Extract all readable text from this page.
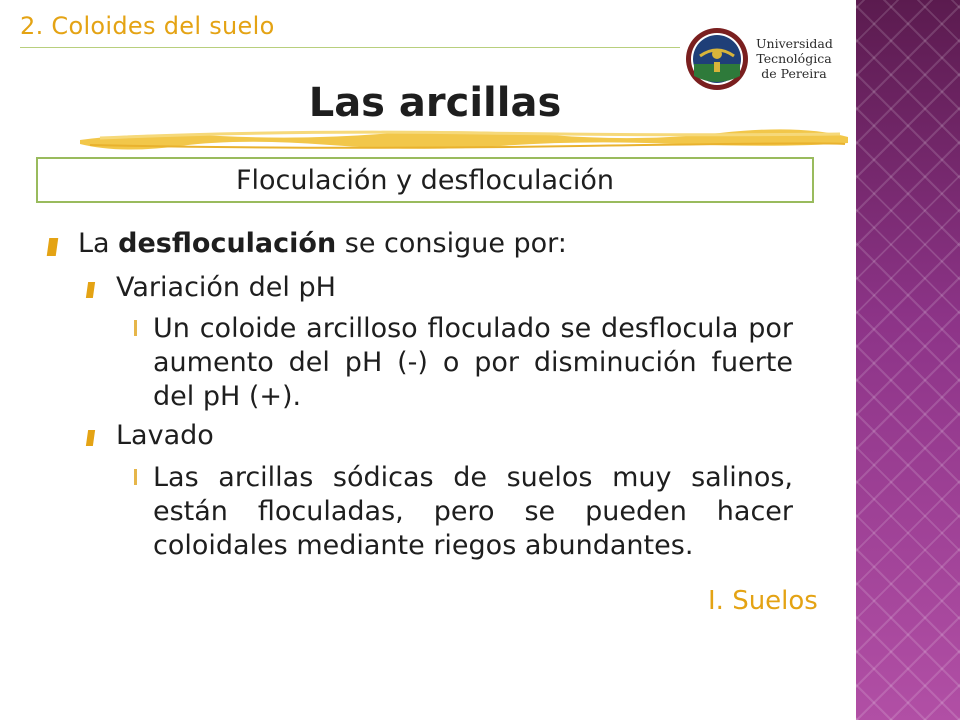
2. Coloides del suelo
Universidad
Tecnológica
de Pereira
Las arcillas
Floculación y desfloculación
La desfloculación se consigue por:
Variación del pH
Un coloide arcilloso floculado se desflocula por aumento del pH (-) o por disminución fuerte del pH (+).
Lavado
Las arcillas sódicas de suelos muy salinos, están floculadas, pero se pueden hacer coloidales mediante riegos abundantes.
I. Suelos
